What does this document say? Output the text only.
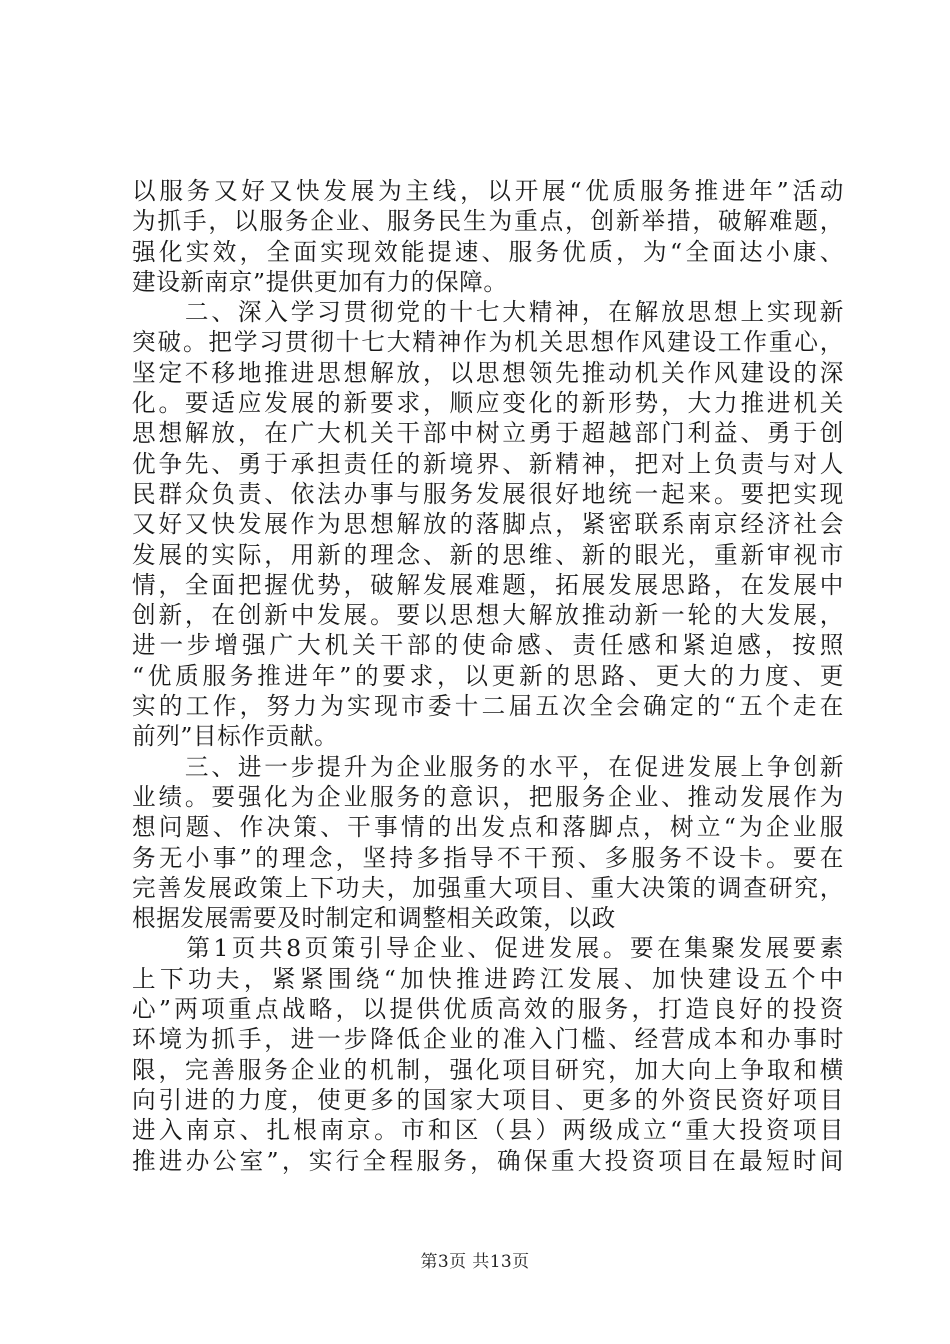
以服务又好又快发展为主线，以开展“优质服务推进年”活动
为抓手，以服务企业、服务民生为重点，创新举措，破解难题，
强化实效，全面实现效能提速、服务优质，为“全面达小康、
建设新南京”提供更加有力的保障。
　　二、深入学习贯彻党的十七大精神，在解放思想上实现新
突破。把学习贯彻十七大精神作为机关思想作风建设工作重心，
坚定不移地推进思想解放，以思想领先推动机关作风建设的深
化。要适应发展的新要求，顺应变化的新形势，大力推进机关
思想解放，在广大机关干部中树立勇于超越部门利益、勇于创
优争先、勇于承担责任的新境界、新精神，把对上负责与对人
民群众负责、依法办事与服务发展很好地统一起来。要把实现
又好又快发展作为思想解放的落脚点，紧密联系南京经济社会
发展的实际，用新的理念、新的思维、新的眼光，重新审视市
情，全面把握优势，破解发展难题，拓展发展思路，在发展中
创新，在创新中发展。要以思想大解放推动新一轮的大发展，
进一步增强广大机关干部的使命感、责任感和紧迫感，按照
“优质服务推进年”的要求，以更新的思路、更大的力度、更
实的工作，努力为实现市委十二届五次全会确定的“五个走在
前列”目标作贡献。
　　三、进一步提升为企业服务的水平，在促进发展上争创新
业绩。要强化为企业服务的意识，把服务企业、推动发展作为
想问题、作决策、干事情的出发点和落脚点，树立“为企业服
务无小事”的理念，坚持多指导不干预、多服务不设卡。要在
完善发展政策上下功夫，加强重大项目、重大决策的调查研究，
根据发展需要及时制定和调整相关政策，以政
　　第1页共8页策引导企业、促进发展。要在集聚发展要素
上下功夫，紧紧围绕“加快推进跨江发展、加快建设五个中
心”两项重点战略，以提供优质高效的服务，打造良好的投资
环境为抓手，进一步降低企业的准入门槛、经营成本和办事时
限，完善服务企业的机制，强化项目研究，加大向上争取和横
向引进的力度，使更多的国家大项目、更多的外资民资好项目
进入南京、扎根南京。市和区（县）两级成立“重大投资项目
推进办公室”，实行全程服务，确保重大投资项目在最短时间
第3页 共13页
